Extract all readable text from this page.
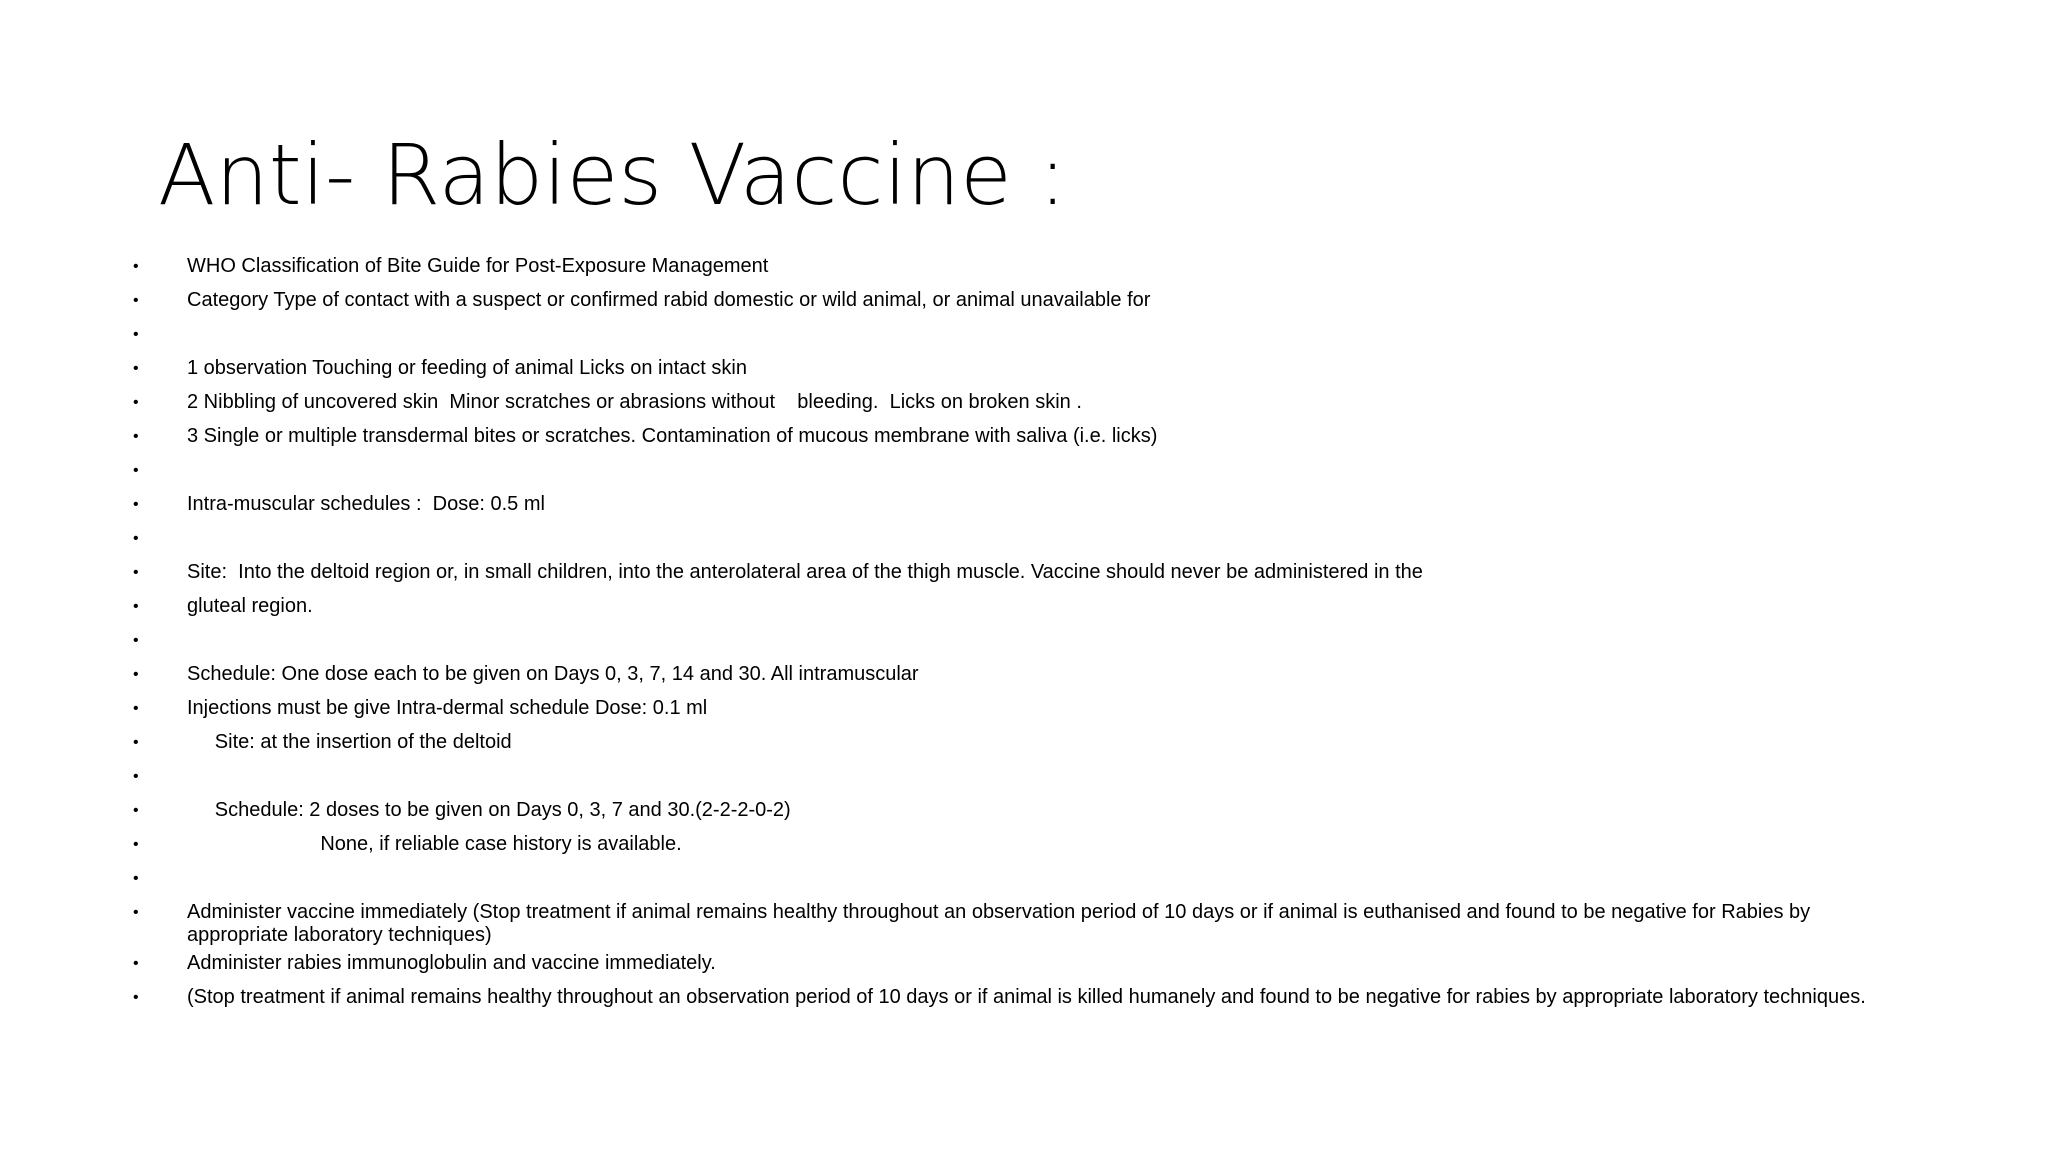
Anti- Rabies Vaccine :
• WHO Classification of Bite Guide for Post-Exposure Management
• Category Type of contact with a suspect or confirmed rabid domestic or wild animal, or animal unavailable for
•
• 1 observation Touching or feeding of animal Licks on intact skin
• 2 Nibbling of uncovered skin  Minor scratches or abrasions without    bleeding.  Licks on broken skin .
• 3 Single or multiple transdermal bites or scratches. Contamination of mucous membrane with saliva (i.e. licks)
•
• Intra-muscular schedules :  Dose: 0.5 ml
•
• Site:  Into the deltoid region or, in small children, into the anterolateral area of the thigh muscle. Vaccine should never be administered in the
• gluteal region.
•
• Schedule: One dose each to be given on Days 0, 3, 7, 14 and 30. All intramuscular
• Injections must be give Intra-dermal schedule Dose: 0.1 ml
• Site: at the insertion of the deltoid
•
• Schedule: 2 doses to be given on Days 0, 3, 7 and 30.(2-2-2-0-2)
• None, if reliable case history is available.
•
• Administer vaccine immediately (Stop treatment if animal remains healthy throughout an observation period of 10 days or if animal is euthanised and found to be negative for Rabies by appropriate laboratory techniques)
• Administer rabies immunoglobulin and vaccine immediately.
• (Stop treatment if animal remains healthy throughout an observation period of 10 days or if animal is killed humanely and found to be negative for rabies by appropriate laboratory techniques.
